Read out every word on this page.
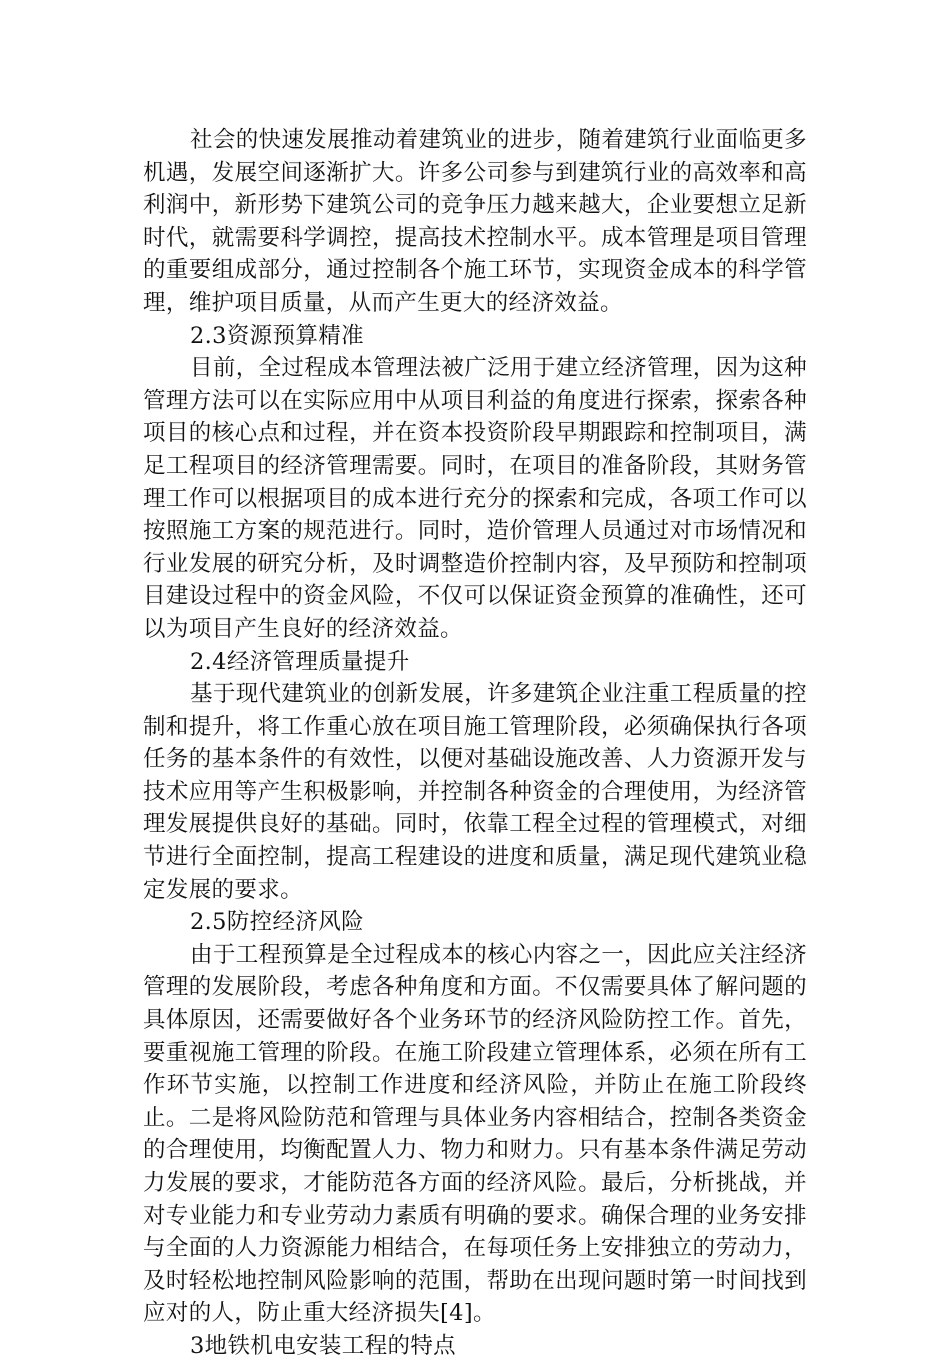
社会的快速发展推动着建筑业的进步，随着建筑行业面临更多机遇，发展空间逐渐扩大。许多公司参与到建筑行业的高效率和高利润中，新形势下建筑公司的竞争压力越来越大，企业要想立足新时代，就需要科学调控，提高技术控制水平。成本管理是项目管理的重要组成部分，通过控制各个施工环节，实现资金成本的科学管理，维护项目质量，从而产生更大的经济效益。

2.3资源预算精准

目前，全过程成本管理法被广泛用于建立经济管理，因为这种管理方法可以在实际应用中从项目利益的角度进行探索，探索各种项目的核心点和过程，并在资本投资阶段早期跟踪和控制项目，满足工程项目的经济管理需要。同时，在项目的准备阶段，其财务管理工作可以根据项目的成本进行充分的探索和完成，各项工作可以按照施工方案的规范进行。同时，造价管理人员通过对市场情况和行业发展的研究分析，及时调整造价控制内容，及早预防和控制项目建设过程中的资金风险，不仅可以保证资金预算的准确性，还可以为项目产生良好的经济效益。

2.4经济管理质量提升

基于现代建筑业的创新发展，许多建筑企业注重工程质量的控制和提升，将工作重心放在项目施工管理阶段，必须确保执行各项任务的基本条件的有效性，以便对基础设施改善、人力资源开发与技术应用等产生积极影响，并控制各种资金的合理使用，为经济管理发展提供良好的基础。同时，依靠工程全过程的管理模式，对细节进行全面控制，提高工程建设的进度和质量，满足现代建筑业稳定发展的要求。

2.5防控经济风险

由于工程预算是全过程成本的核心内容之一，因此应关注经济管理的发展阶段，考虑各种角度和方面。不仅需要具体了解问题的具体原因，还需要做好各个业务环节的经济风险防控工作。首先，要重视施工管理的阶段。在施工阶段建立管理体系，必须在所有工作环节实施，以控制工作进度和经济风险，并防止在施工阶段终止。二是将风险防范和管理与具体业务内容相结合，控制各类资金的合理使用，均衡配置人力、物力和财力。只有基本条件满足劳动力发展的要求，才能防范各方面的经济风险。最后，分析挑战，并对专业能力和专业劳动力素质有明确的要求。确保合理的业务安排与全面的人力资源能力相结合，在每项任务上安排独立的劳动力，及时轻松地控制风险影响的范围，帮助在出现问题时第一时间找到应对的人，防止重大经济损失[4]。

3地铁机电安装工程的特点
